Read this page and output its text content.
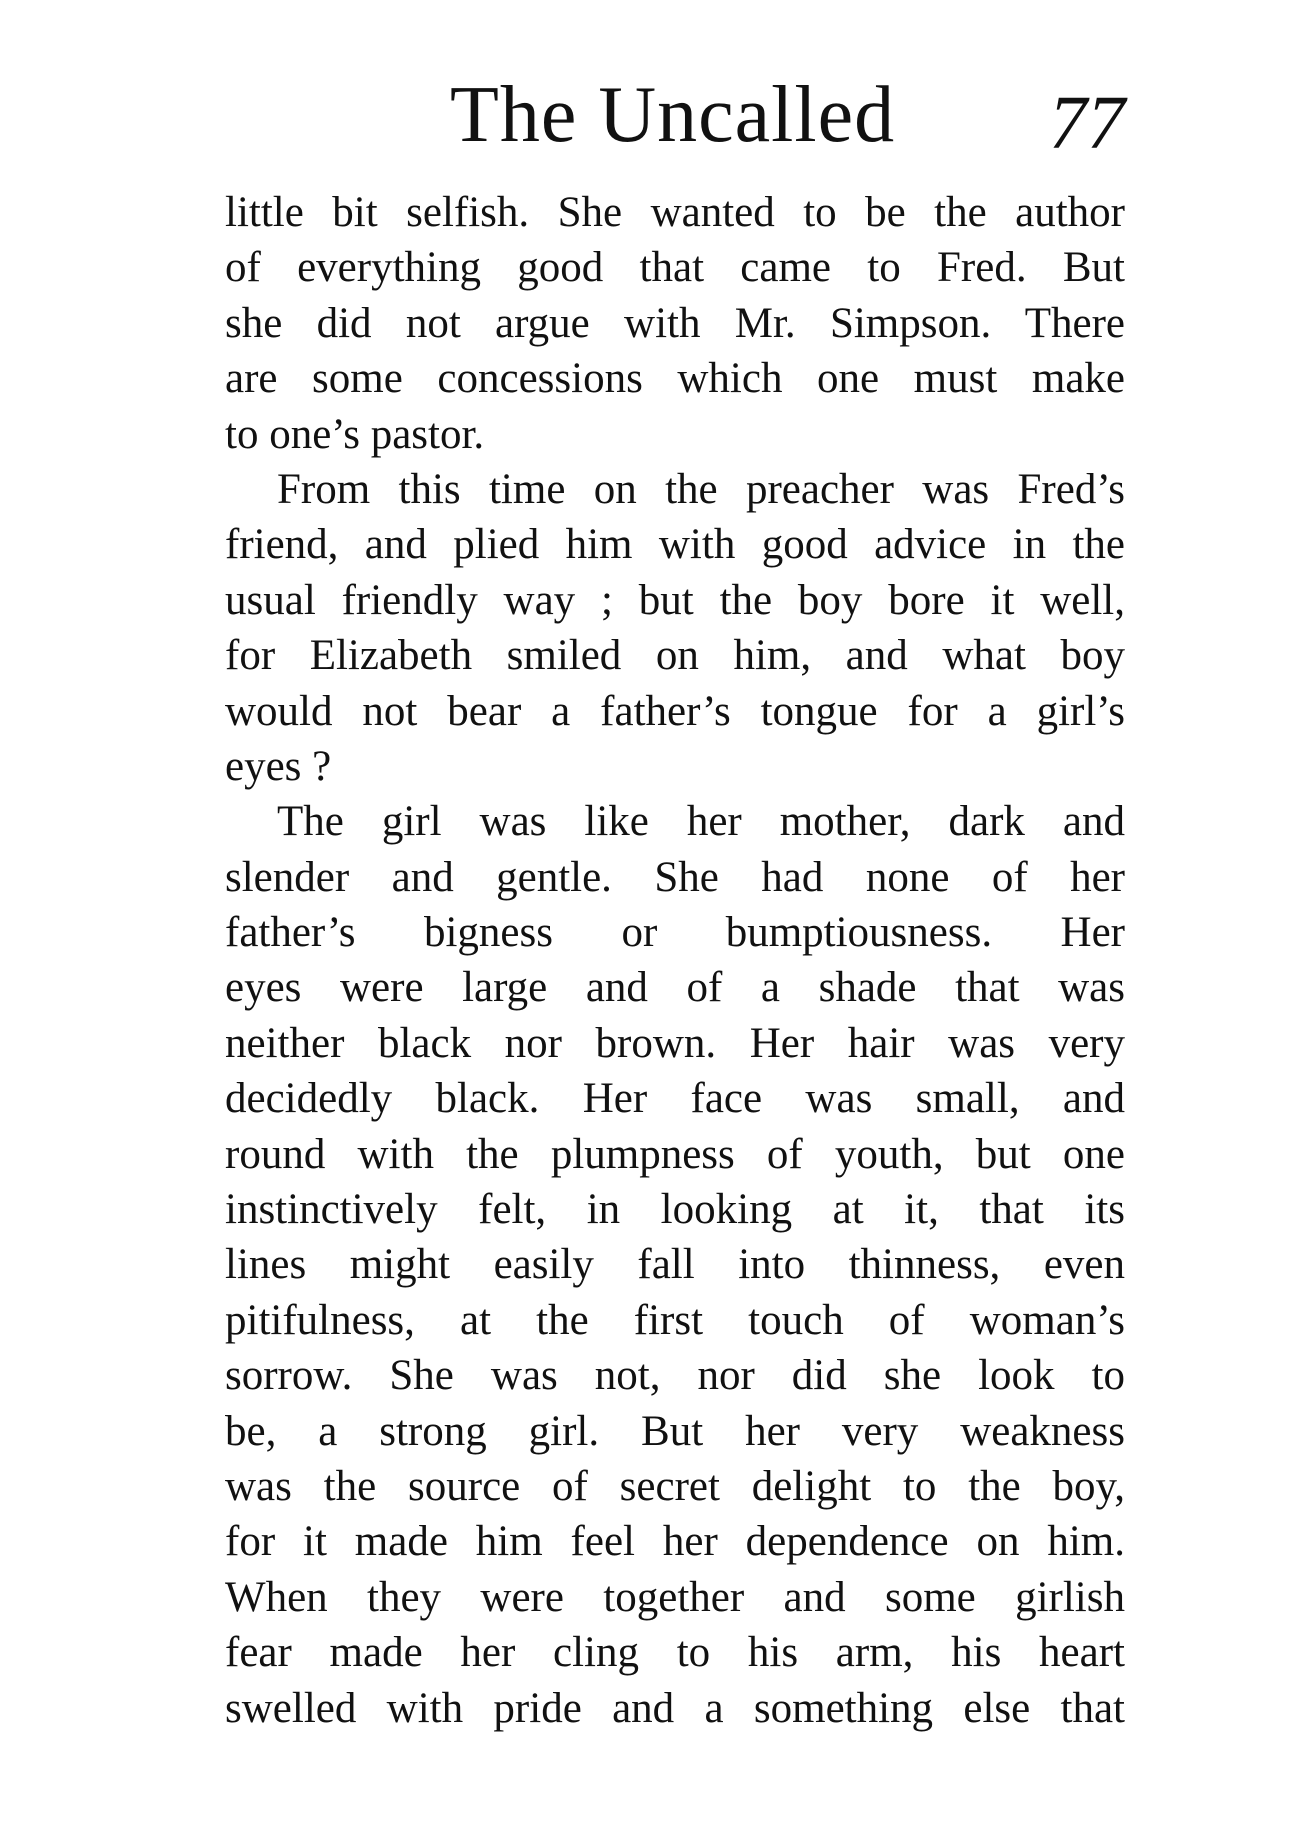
The Uncalled 77
little bit selfish. She wanted to be the author
of everything good that came to Fred. But
she did not argue with Mr. Simpson. There
are some concessions which one must make
to one’s pastor.
From this time on the preacher was Fred’s
friend, and plied him with good advice in the
usual friendly way ; but the boy bore it well,
for Elizabeth smiled on him, and what boy
would not bear a father’s tongue for a girl’s
eyes ?
The girl was like her mother, dark and
slender and gentle. She had none of her
father’s bigness or bumptiousness. Her
eyes were large and of a shade that was
neither black nor brown. Her hair was very
decidedly black. Her face was small, and
round with the plumpness of youth, but one
instinctively felt, in looking at it, that its
lines might easily fall into thinness, even
pitifulness, at the first touch of woman’s
sorrow. She was not, nor did she look to
be, a strong girl. But her very weakness
was the source of secret delight to the boy,
for it made him feel her dependence on him.
When they were together and some girlish
fear made her cling to his arm, his heart
swelled with pride and a something else that
